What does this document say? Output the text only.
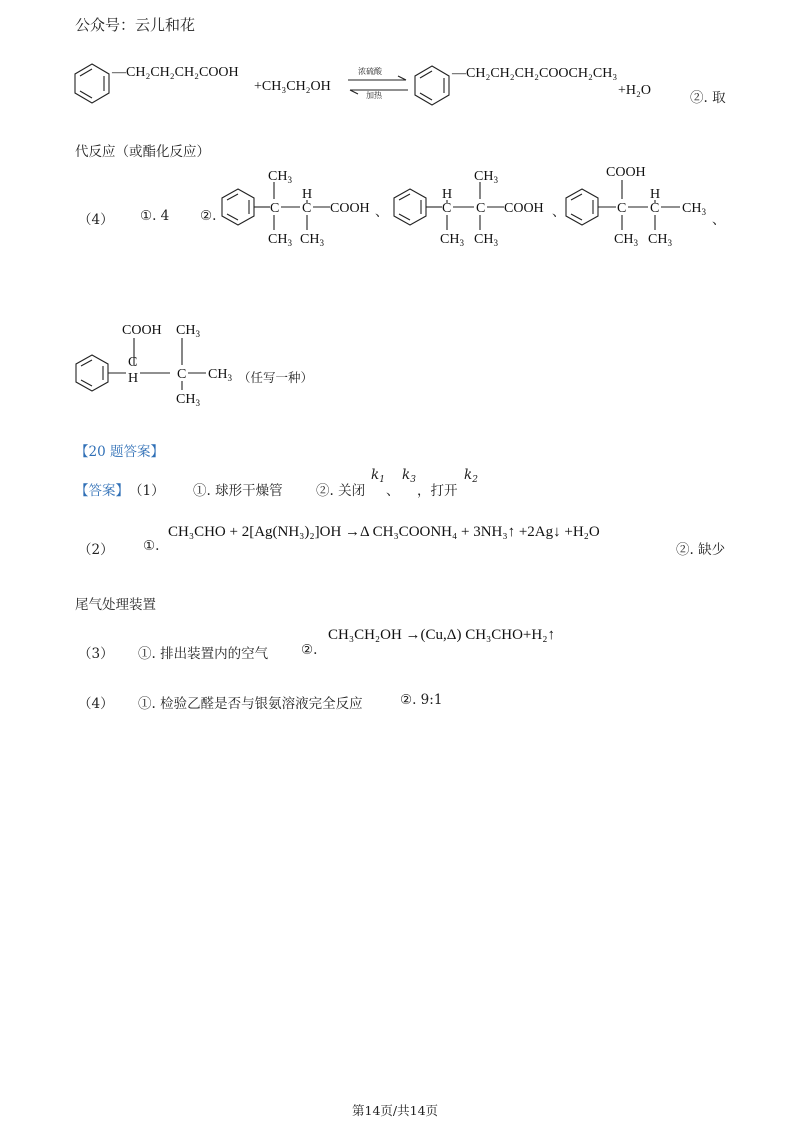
公众号：云儿和花
—CH₂CH₂CH₂COOH
+CH₃CH₂OH ⇌
浓硫酸
加热
—CH₂CH₂CH₂COOCH₂CH₃
+H₂O	②. 取
代反应（或酯化反应）
（4） ①. 4 ②.	C
$CH_3$
$CH_3$
H
C COOH
$CH_3$
、
H
C
$CH_3$
C
$CH_3$
$CH_3$
COOH 、
COOH
C
$CH_3$
H
C $CH_3$
$CH_3$
、
COOH
C
H
$CH_3$
C $CH_3$
$CH_3$
（任写一种）
【20 题答案】
【答案】 （1） ①. 球形干燥管 ②. 关闭
$k_1$
、
$k_3$
，打开
$k_2$
（2） ①.
CH₃CHO + 2[Ag(NH₃)₂]OH →Δ CH₃COONH₄ + 3NH₃↑ +2Ag↓ +H₂O
②. 缺少
尾气处理装置
（3） ①. 排出装置内的空气 ②.
CH₃CH₂OH →(Cu,Δ) CH₃CHO+H₂↑
（4） ①. 检验乙醛是否与银氨溶液完全反应	②. 9:1
第14页/共14页
